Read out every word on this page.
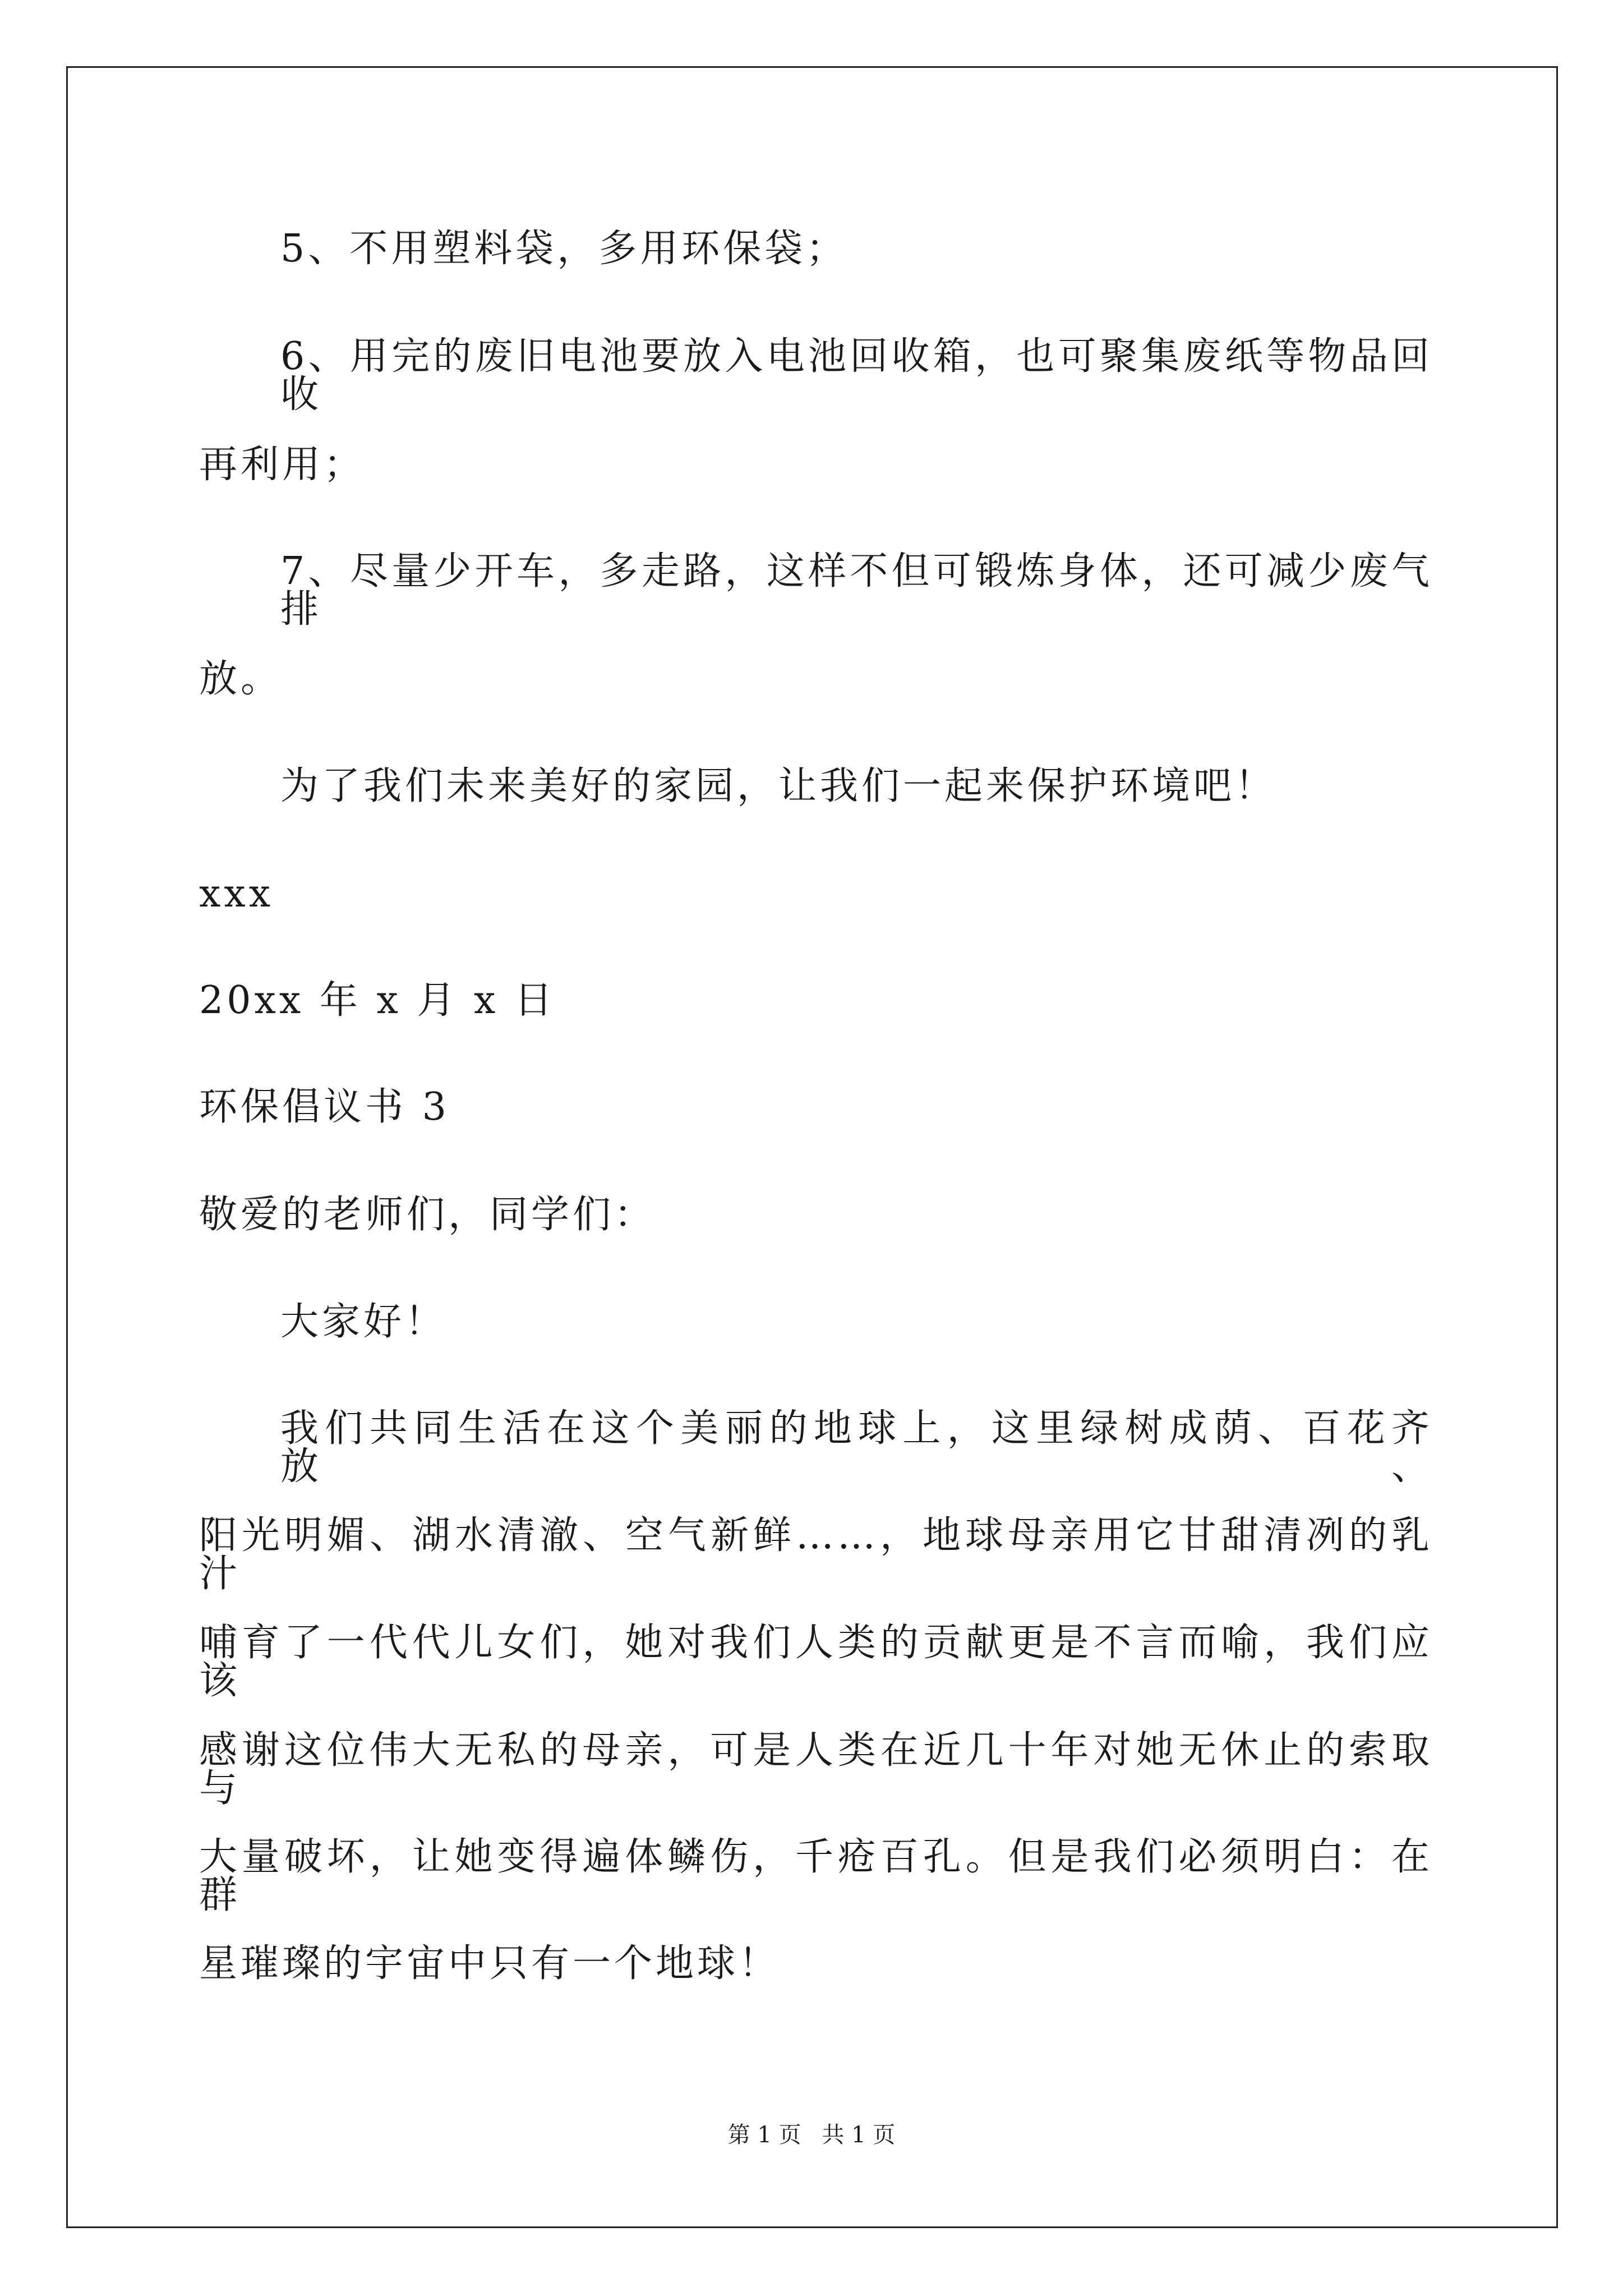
5、不用塑料袋，多用环保袋；
6、用完的废旧电池要放入电池回收箱，也可聚集废纸等物品回收
再利用；
7、尽量少开车，多走路，这样不但可锻炼身体，还可减少废气排
放。
为了我们未来美好的家园，让我们一起来保护环境吧！
xxx
20xx 年 x 月 x 日
环保倡议书 3
敬爱的老师们，同学们：
大家好！
我们共同生活在这个美丽的地球上，这里绿树成荫、百花齐放、
阳光明媚、湖水清澈、空气新鲜……，地球母亲用它甘甜清冽的乳汁
哺育了一代代儿女们，她对我们人类的贡献更是不言而喻，我们应该
感谢这位伟大无私的母亲，可是人类在近几十年对她无休止的索取与
大量破坏，让她变得遍体鳞伤，千疮百孔。但是我们必须明白：在群
星璀璨的宇宙中只有一个地球！
第 1 页 共 1 页
